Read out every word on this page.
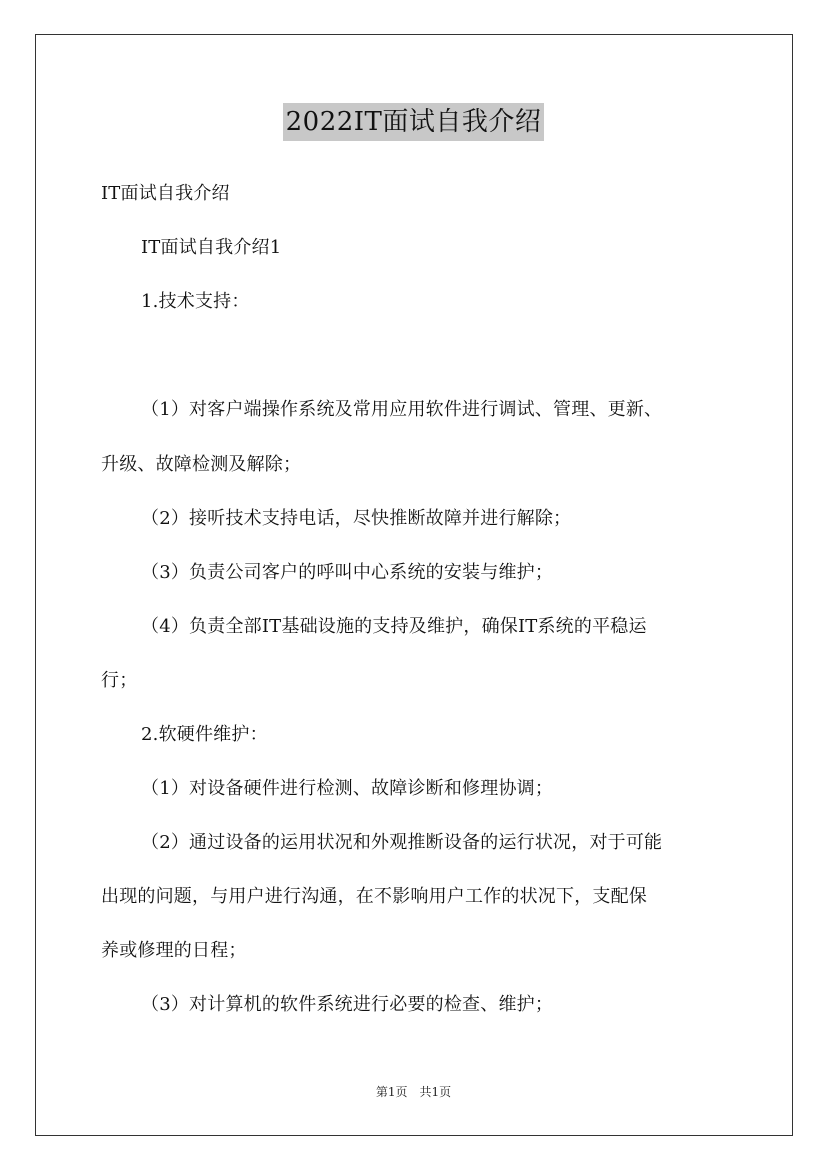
2022IT面试自我介绍
IT面试自我介绍
IT面试自我介绍1
1.技术支持：
（1）对客户端操作系统及常用应用软件进行调试、管理、更新、
升级、故障检测及解除；
（2）接听技术支持电话，尽快推断故障并进行解除；
（3）负责公司客户的呼叫中心系统的安装与维护；
（4）负责全部IT基础设施的支持及维护，确保IT系统的平稳运
行；
2.软硬件维护：
（1）对设备硬件进行检测、故障诊断和修理协调；
（2）通过设备的运用状况和外观推断设备的运行状况，对于可能
出现的问题，与用户进行沟通，在不影响用户工作的状况下，支配保
养或修理的日程；
（3）对计算机的软件系统进行必要的检查、维护；
第1页　共1页
